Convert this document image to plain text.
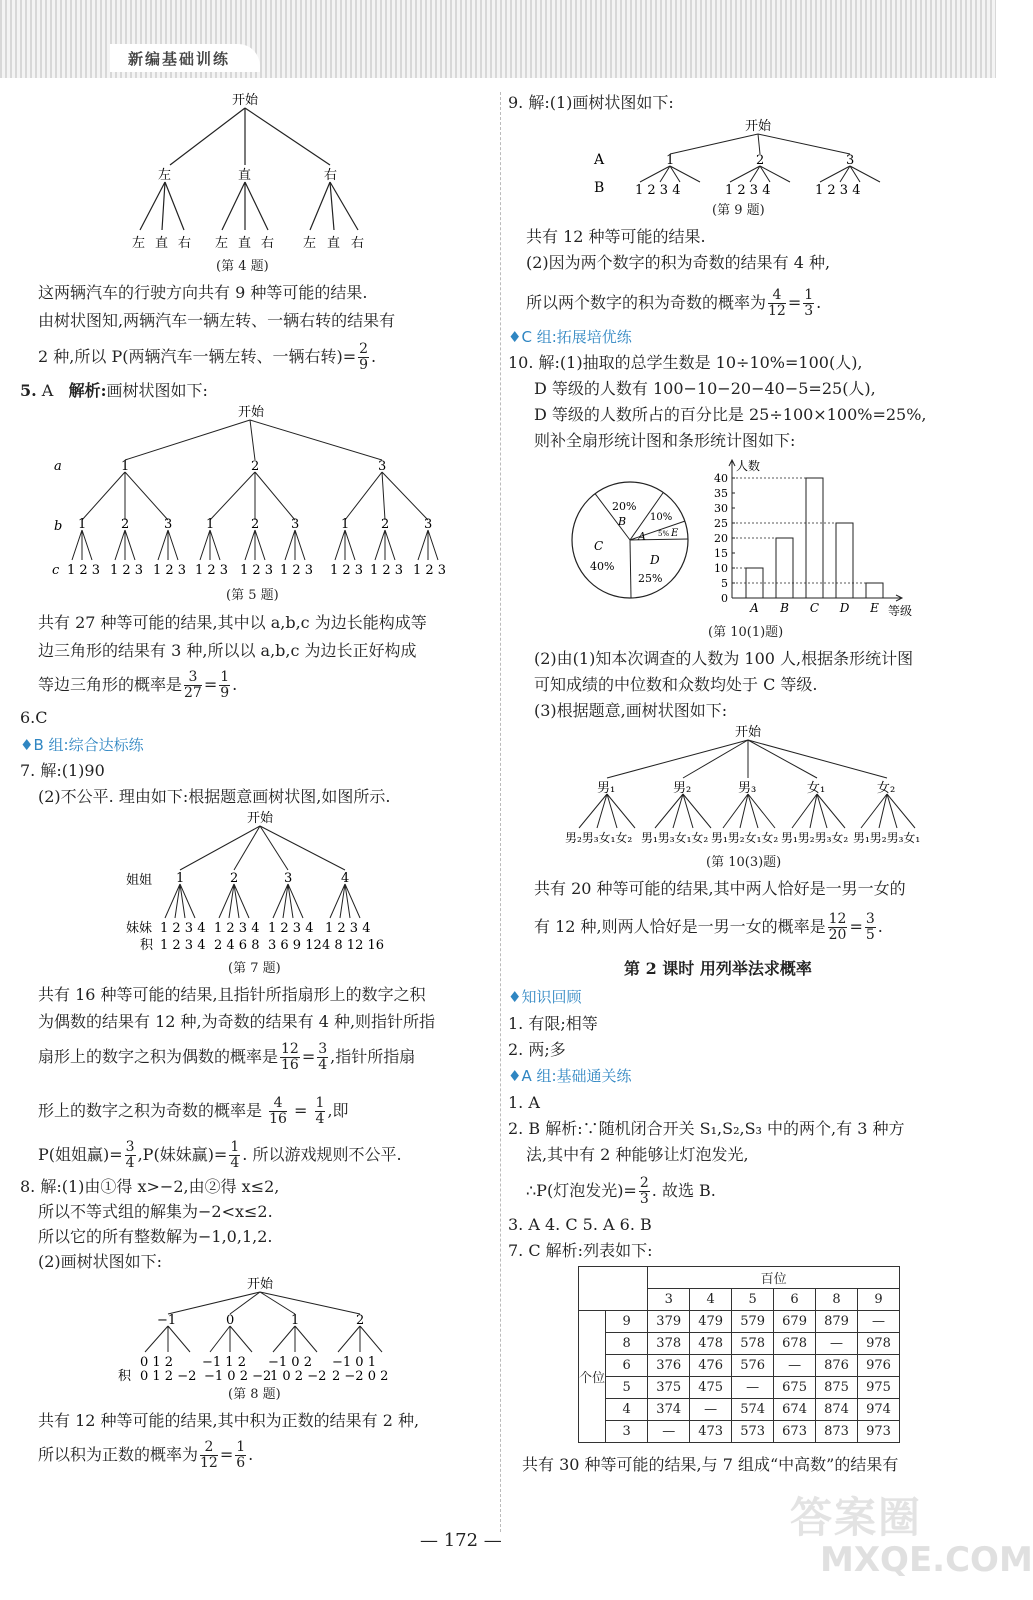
新编基础训练
开始
左	直	右
左 直 右 左 直 右 左 直 右
(第 4 题)
这两辆汽车的行驶方向共有 9 种等可能的结果.
由树状图知,两辆汽车一辆左转、一辆右转的结果有
2 种,所以 P(两辆汽车一辆左转、一辆右转)= $\frac{2}{9}$ .
5. A 解析:画树状图如下:
开始
a
b
c
1	2	3
1	2	3	1	2 3	1 2	3
1 2 3 1 2 3 1 2 3 1 2 3 1 2 3 1 2 3 1 2 3 1 2 3 1 2 3
(第 5 题)
共有 27 种等可能的结果,其中以 a,b,c 为边长能构成等
边三角形的结果有 3 种,所以以 a,b,c 为边长正好构成
等边三角形的概率是 $\frac{3}{27} = \frac{1}{9}$ .
6.C
♦B 组:综合达标练
7. 解:(1)90
(2)不公平. 理由如下:根据题意画树状图,如图所示.
开始
姐姐 1	2	3	4
妹妹 1 2 3 4 1 2 3 4 1 2 3 4 1 2 3 4
积 1 2 3 4 2 4 6 8 3 6 9 12 4 8 12 16
(第 7 题)
共有 16 种等可能的结果,且指针所指扇形上的数字之积
为偶数的结果有 12 种,为奇数的结果有 4 种,则指针所指
扇形上的数字之积为偶数的概率是 $\frac{12}{16} = \frac{3}{4}$ ,指针所指扇
形上的数字之积为奇数的概率是 $\frac{4}{16} = \frac{1}{4}$ ,即
P(姐姐赢)= $\frac{3}{4} ,P$(妹妹赢)= $\frac{1}{4}$ . 所以游戏规则不公平.
8. 解:(1)由①得 x>−2,由②得 x≤2,
所以不等式组的解集为−2<x≤2.
所以它的所有整数解为−1,0,1,2.
(2)画树状图如下:
开始
−1	0	1	2
0 1 2 −1 1 2 −1 0 2 −1 0 1
积 0 1 2 −2 −1 0 2 −2
1 0 2 −2 2 −2 0 2
(第 8 题)
共有 12 种等可能的结果,其中积为正数的结果有 2 种,
所以积为正数的概率为 $\frac{2}{12} = \frac{1}{6}$ .
9. 解:(1)画树状图如下:
开始
A
B
1	2	3
1 2 3 4	1 2 3 4	1 2 3 4
(第 9 题)
共有 12 种等可能的结果.
(2)因为两个数字的积为奇数的结果有 4 种,
所以两个数字的积为奇数的概率为 $\frac{4}{12} = \frac{1}{3}$ .
♦C 组:拓展培优练
10. 解:(1)抽取的总学生数是 10÷10%=100(人),
D 等级的人数有 100−10−20−40−5=25(人),
D 等级的人数所占的百分比是 25÷100×100%=25%,
则补全扇形统计图和条形统计图如下:
20%
B
A
10%
E
5%
C
40%	D
25%
0
5
10
15
20
25
30
35
40
人数
等级
A B C D E
(第 10(1)题)
(2)由(1)知本次调查的人数为 100 人,根据条形统计图
可知成绩的中位数和众数均处于 C 等级.
(3)根据题意,画树状图如下:
开始
男₁	男₂	男₃	女₁	女₂
男₂男₃女₁女₂ 男₁男₃女₁女₂ 男₁男₂女₁女₂ 男₁男₂男₃女₂ 男₁男₂男₃女₁
(第 10(3)题)
共有 20 种等可能的结果,其中两人恰好是一男一女的
有 12 种,则两人恰好是一男一女的概率是 $\frac{12}{20} = \frac{3}{5}$ .
第 2 课时 用列举法求概率
♦知识回顾
1. 有限;相等
2. 两;多
♦A 组:基础通关练
1. A
2. B 解析:∵随机闭合开关 S₁,S₂,S₃ 中的两个,有 3 种方
法,其中有 2 种能够让灯泡发光,
∴P(灯泡发光)= $\frac{2}{3}$ . 故选 B.
3. A 4. C 5. A 6. B
7. C 解析:列表如下:
		百位					
		3	4	5	6	8	9
个位	9	379	479	579	679	879	—
	8	378	478	578	678	—	978
	6	376	476	576	—	876	976
	5	375	475	—	675	875	975
	4	374	—	574	674	874	974
	3	—	473	573	673	873	973
共有 30 种等可能的结果,与 7 组成“中高数”的结果有
答案圈
MXQE.COM
— 172 —
